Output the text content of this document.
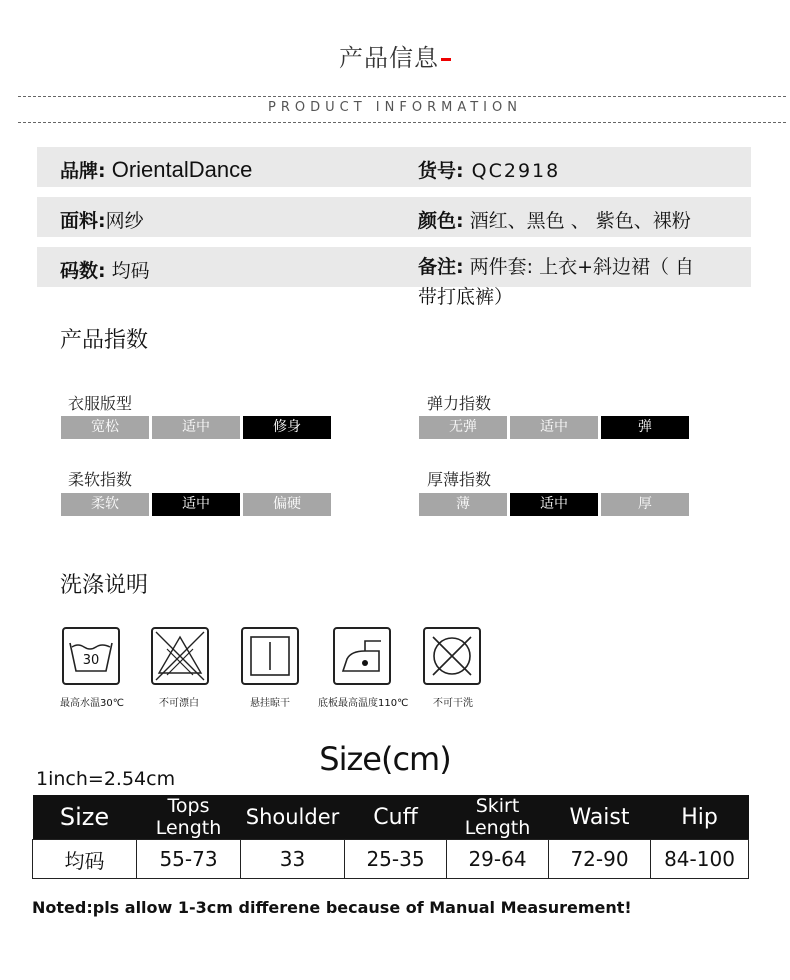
产品信息
PRODUCT INFORMATION
品牌: OrientalDance	货号: QC2918
面料:网纱	颜色: 酒红、黑色 、 紫色、裸粉
码数: 均码	备注: 两件套: 上衣+斜边裙（ 自
带打底裤）
产品指数
衣服版型
宽松	适中	修身
弹力指数
无弹	适中	弹
柔软指数
柔软	适中	偏硬
厚薄指数
薄	适中	厚
洗涤说明
30
最高水温30℃	不可漂白	悬挂晾干	底板最高温度110℃ 不可干洗
Size(cm)
1inch=2.54cm
Size	Tops Length	Shoulder	Cuff	Skirt Length	Waist	Hip
均码	55-73	33	25-35	29-64	72-90	84-100
Noted:pls allow 1-3cm differene because of Manual Measurement!
